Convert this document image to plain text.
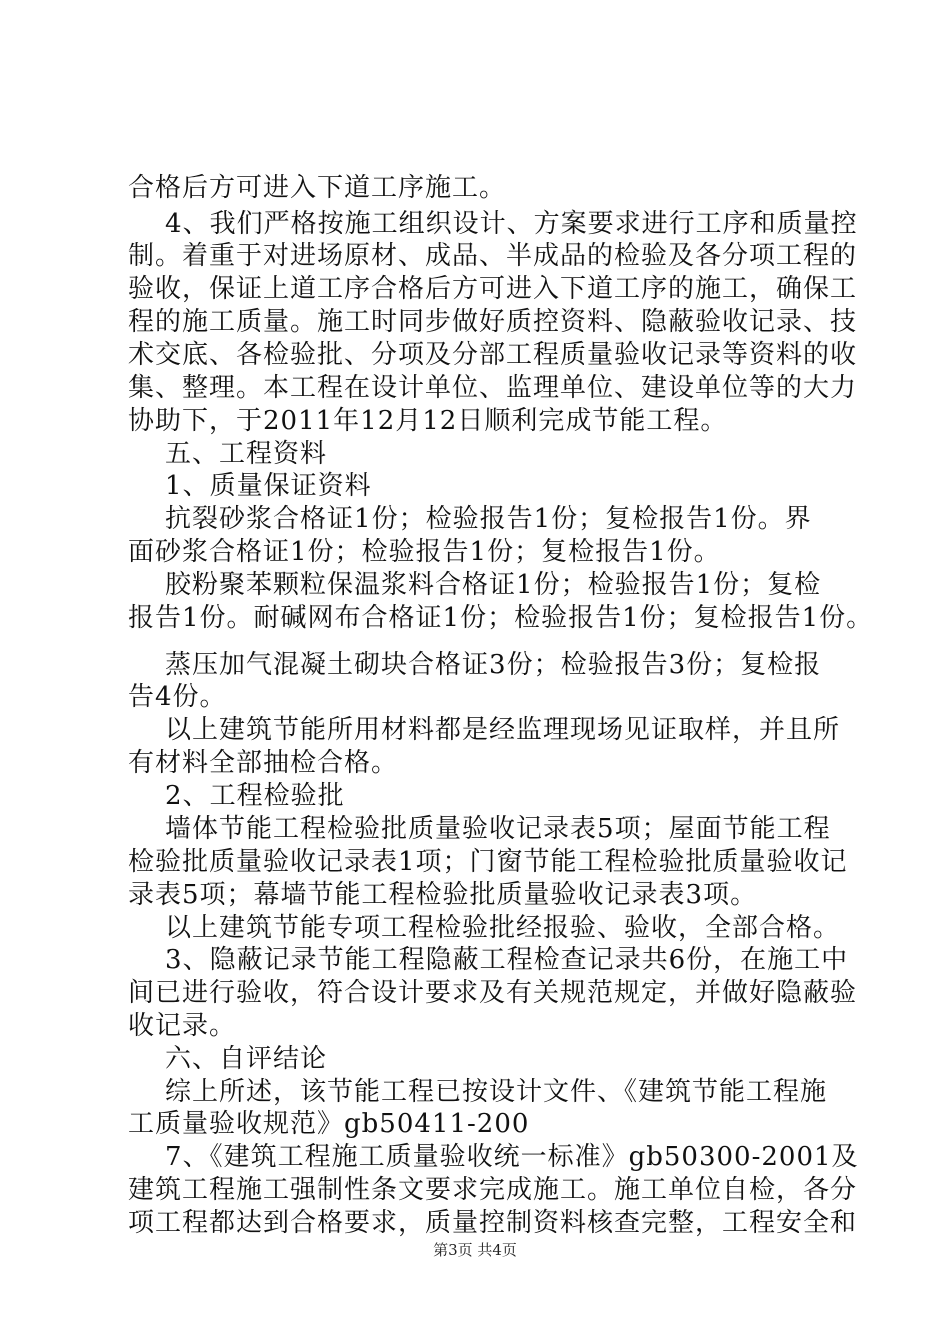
合格后方可进入下道工序施工。
4、我们严格按施工组织设计、方案要求进行工序和质量控
制。着重于对进场原材、成品、半成品的检验及各分项工程的
验收，保证上道工序合格后方可进入下道工序的施工，确保工
程的施工质量。施工时同步做好质控资料、隐蔽验收记录、技
术交底、各检验批、分项及分部工程质量验收记录等资料的收
集、整理。本工程在设计单位、监理单位、建设单位等的大力
协助下，于2011年12月12日顺利完成节能工程。
五、工程资料
1、质量保证资料
抗裂砂浆合格证1份；检验报告1份；复检报告1份。界
面砂浆合格证1份；检验报告1份；复检报告1份。
胶粉聚苯颗粒保温浆料合格证1份；检验报告1份；复检
报告1份。耐碱网布合格证1份；检验报告1份；复检报告1份。
蒸压加气混凝土砌块合格证3份；检验报告3份；复检报
告4份。
以上建筑节能所用材料都是经监理现场见证取样，并且所
有材料全部抽检合格。
2、工程检验批
墙体节能工程检验批质量验收记录表5项；屋面节能工程
检验批质量验收记录表1项；门窗节能工程检验批质量验收记
录表5项；幕墙节能工程检验批质量验收记录表3项。
以上建筑节能专项工程检验批经报验、验收，全部合格。
3、隐蔽记录节能工程隐蔽工程检查记录共6份，在施工中
间已进行验收，符合设计要求及有关规范规定，并做好隐蔽验
收记录。
六、自评结论
综上所述，该节能工程已按设计文件、《建筑节能工程施
工质量验收规范》gb50411-200
7、《建筑工程施工质量验收统一标准》gb50300-2001及
建筑工程施工强制性条文要求完成施工。施工单位自检，各分
项工程都达到合格要求，质量控制资料核查完整，工程安全和
第3页 共4页
